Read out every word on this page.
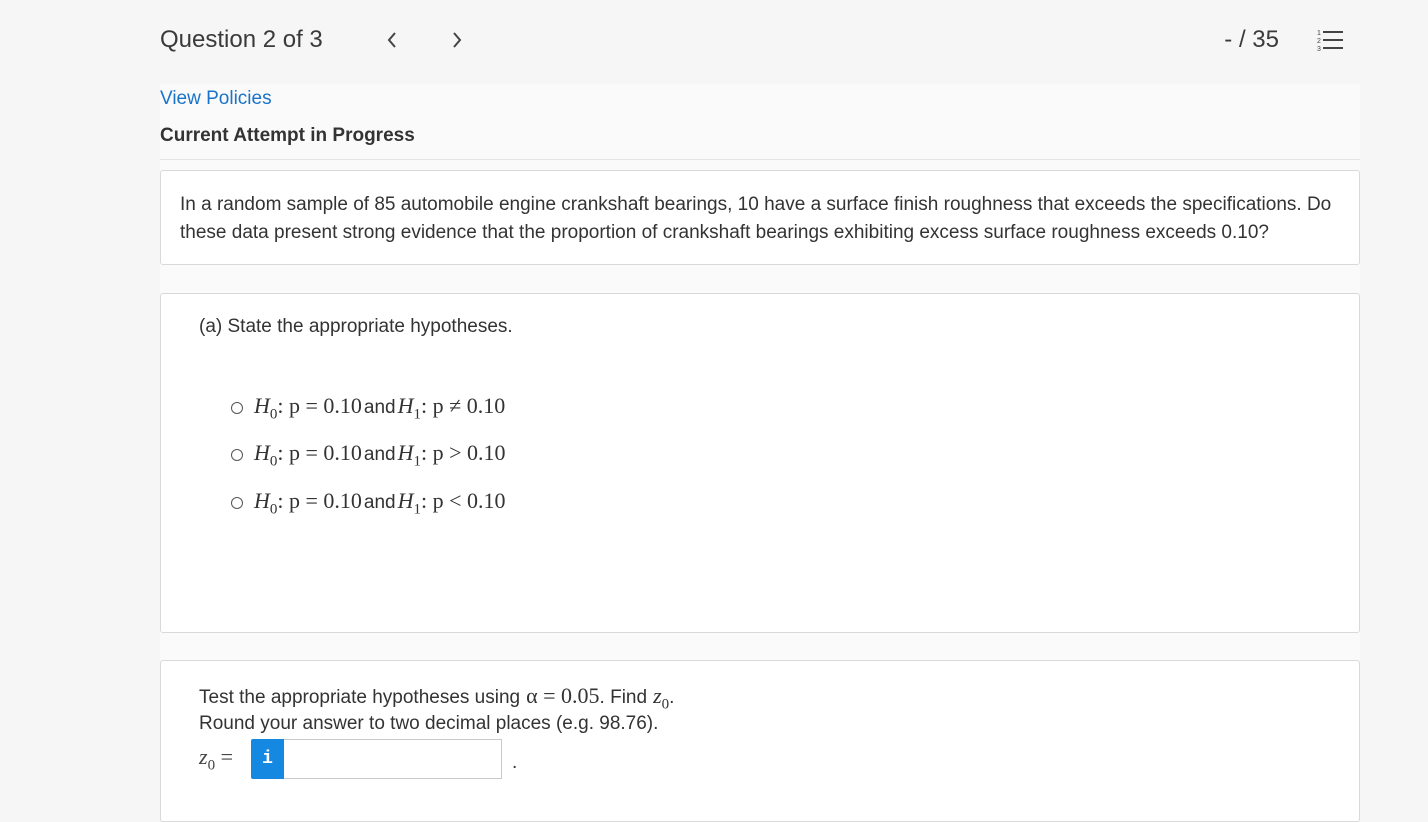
Question 2 of 3	- / 35	1
2
3
View Policies
Current Attempt in Progress
In a random sample of 85 automobile engine crankshaft bearings, 10 have a surface finish roughness that exceeds the specifications. Do these data present strong evidence that the proportion of crankshaft bearings exhibiting excess surface roughness exceeds 0.10?
(a) State the appropriate hypotheses.
$H_0$: p = 0.10 and $H_1$: p ≠ 0.10
$H_0$: p = 0.10 and $H_1$: p > 0.10
$H_0$: p = 0.10 and $H_1$: p < 0.10
Test the appropriate hypotheses using α = 0.05 . Find $z_0$ .
Round your answer to two decimal places (e.g. 98.76).
$z_0 = i$	.
